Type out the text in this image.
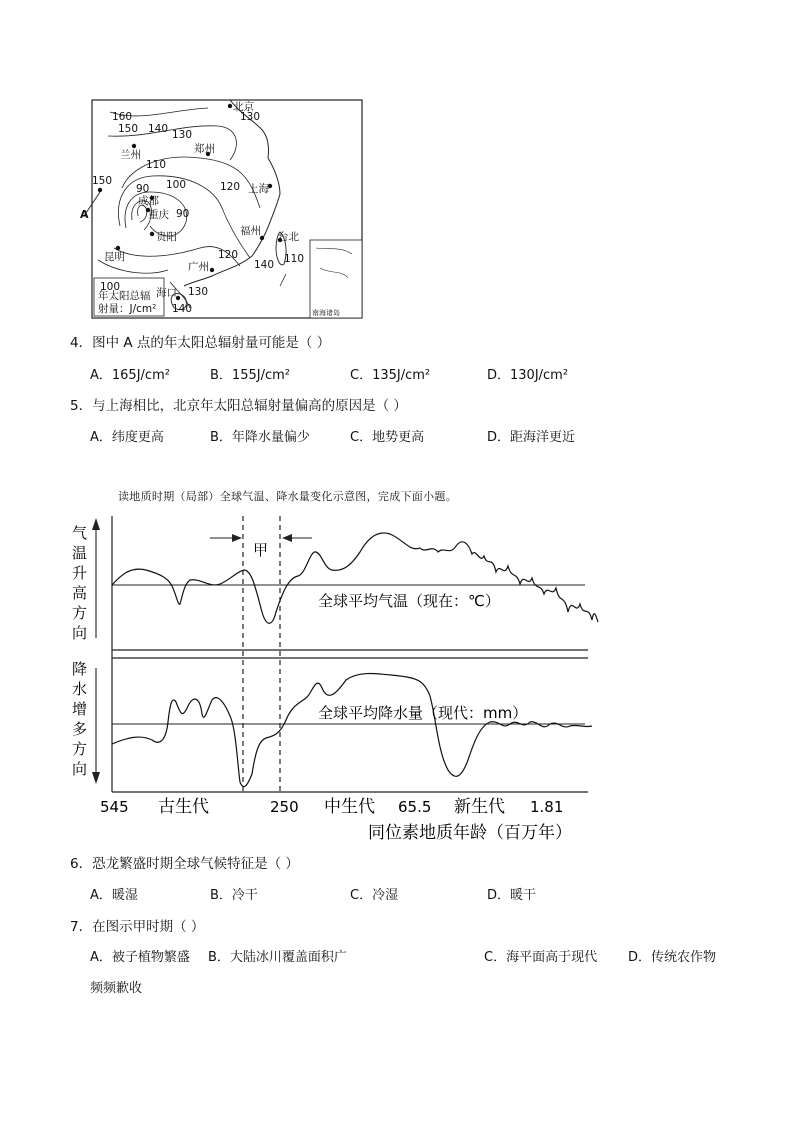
年太阳总辐
射量：J/cm²	南海诸岛
A
160
150 140 130
110
100
90
90
150	120
120
140 110
100	130
140
130
北京
郑州
兰州
成都
重庆
贵阳
上海
福州 台北
广州
昆明
海口
4．图中 A 点的年太阳总辐射量可能是（ ）
A．165J/cm²	B．155J/cm²	C．135J/cm²	D．130J/cm²
5．与上海相比，北京年太阳总辐射量偏高的原因是（ ）
A．纬度更高	B．年降水量偏少	C．地势更高	D．距海洋更近
读地质时期（局部）全球气温、降水量变化示意图，完成下面小题。
气
温
升
高
方
向
降
水
增
多
方
向
甲
全球平均气温（现在：℃）
全球平均降水量（现代：mm）
545	250	65.5	1.81
古生代	中生代	新生代
同位素地质年龄（百万年）
6．恐龙繁盛时期全球气候特征是（ ）
A．暖湿	B．冷干	C．冷湿	D．暖干
7．在图示甲时期（ ）
A．被子植物繁盛 B．大陆冰川覆盖面积广	C．海平面高于现代 D．传统农作物
频频歉收
